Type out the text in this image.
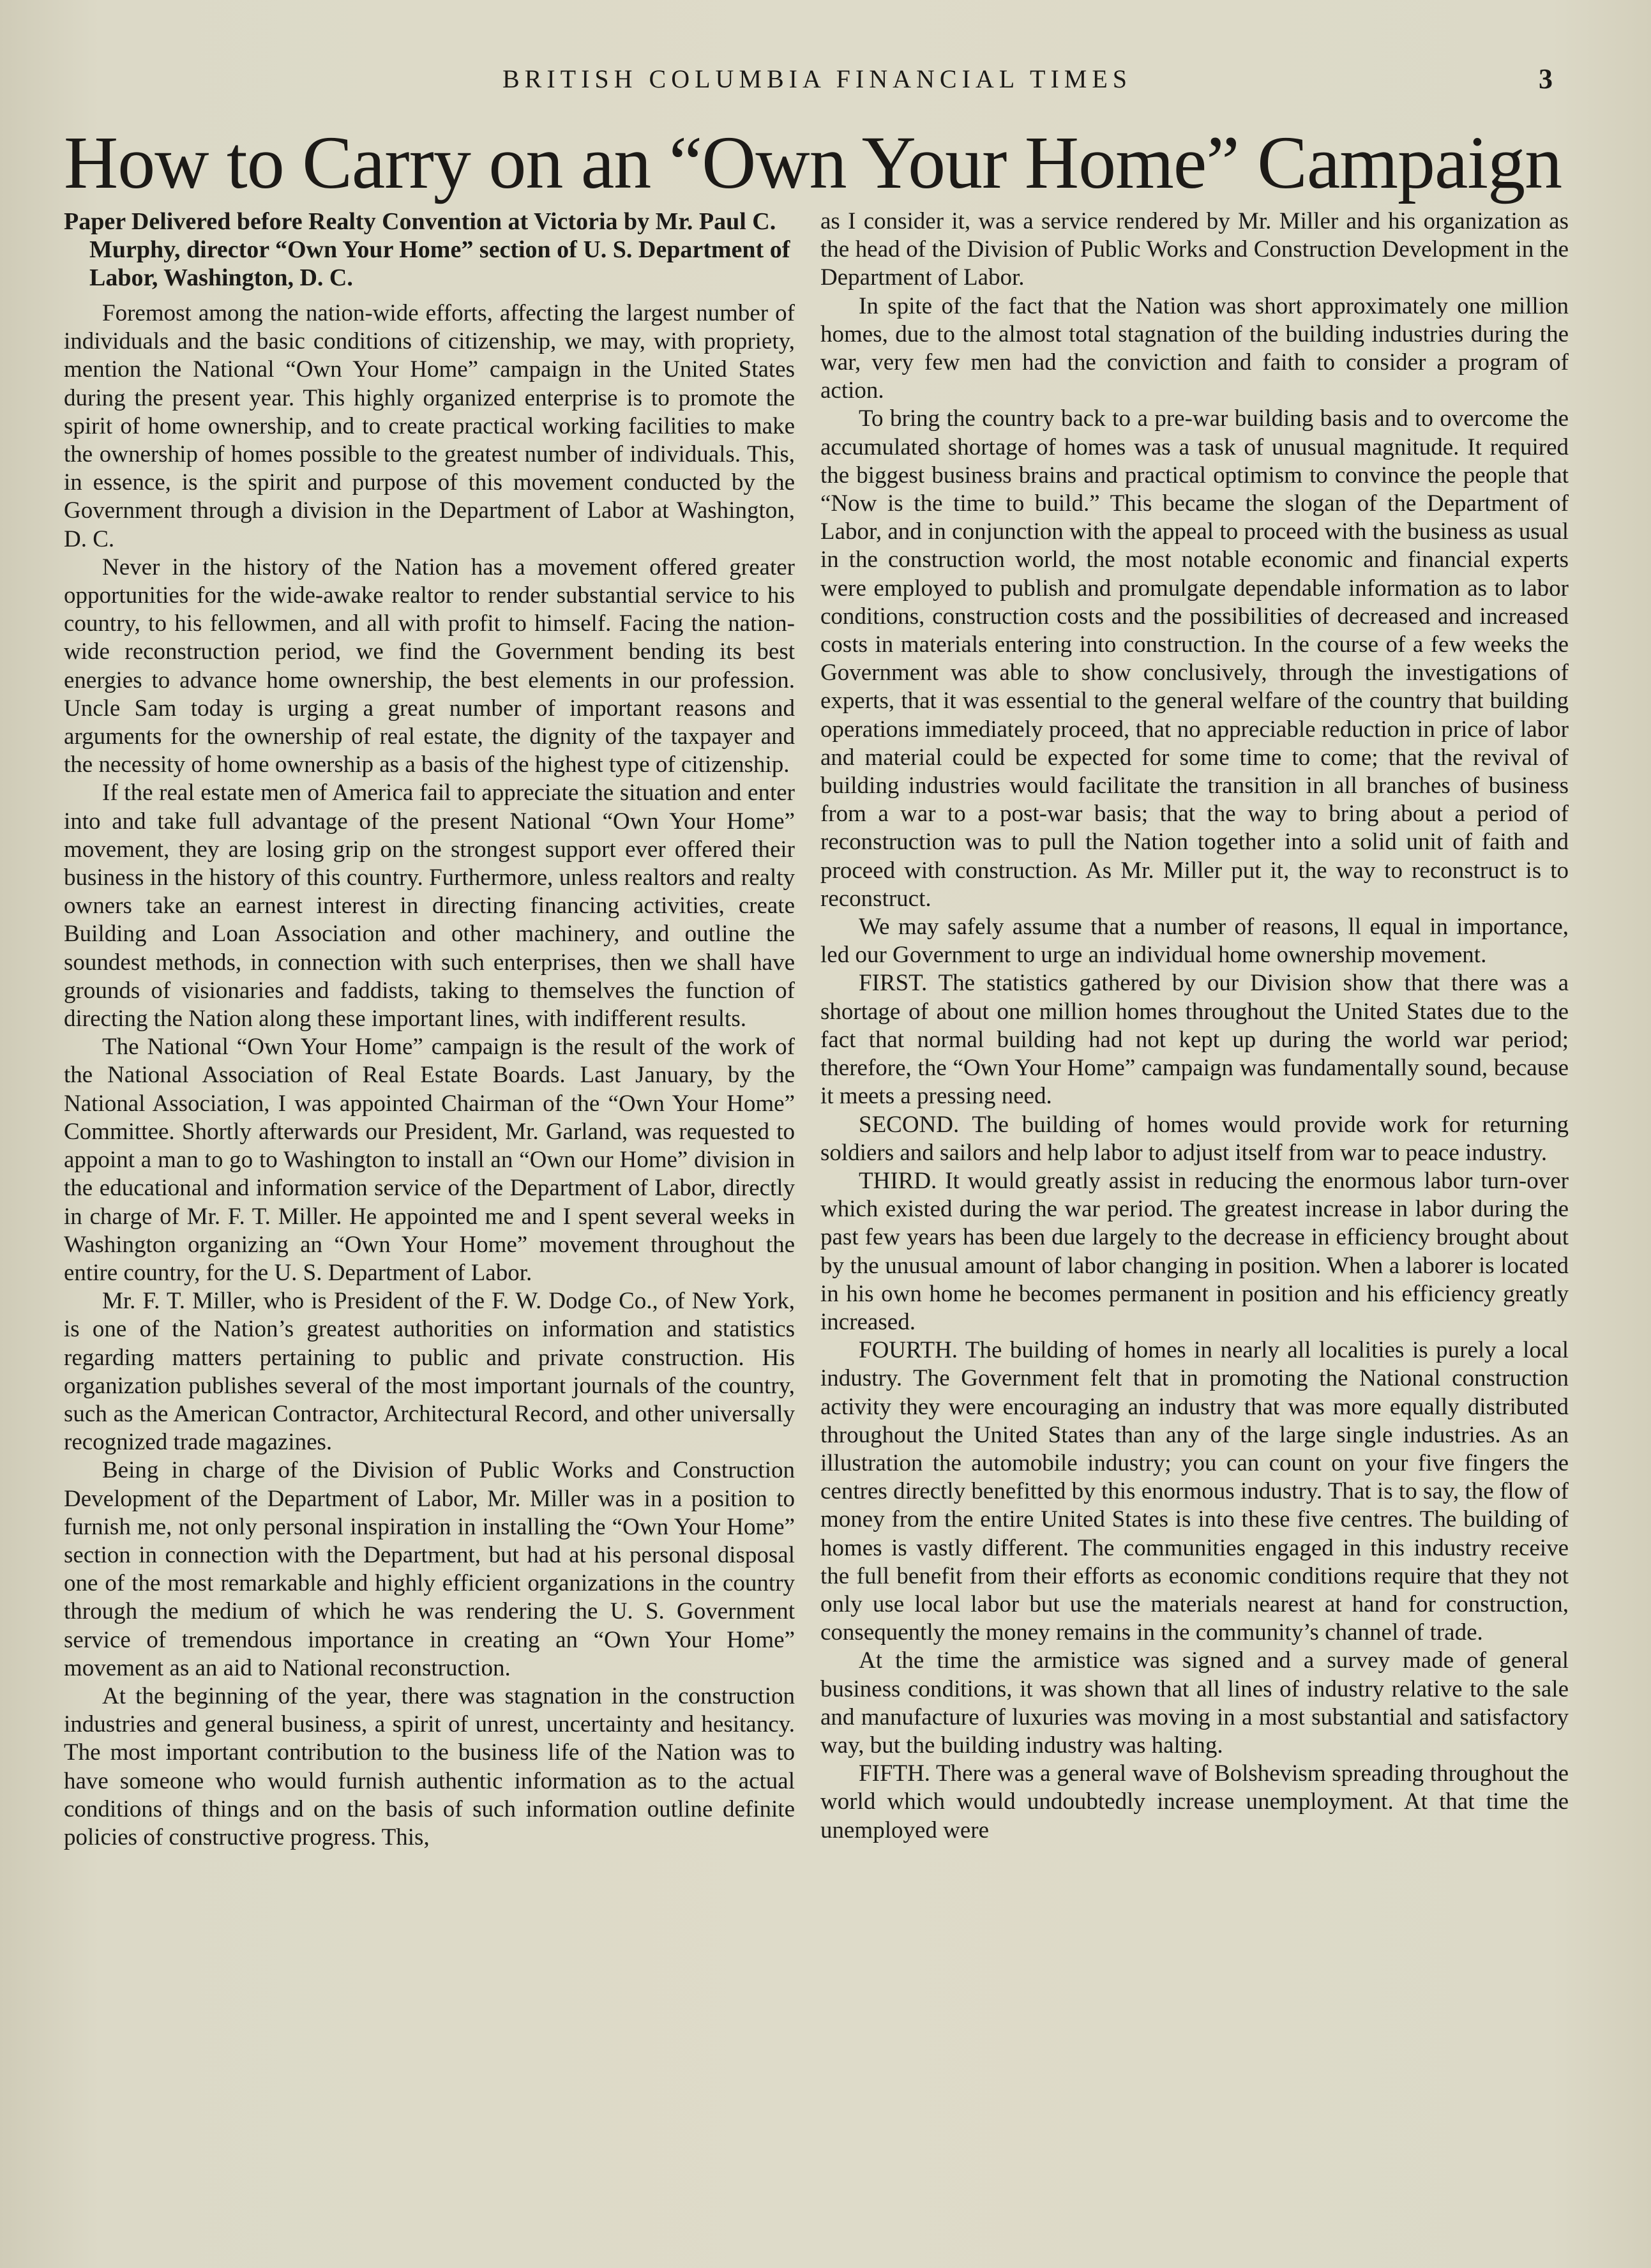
BRITISH COLUMBIA FINANCIAL TIMES	3
How to Carry on an “Own Your Home” Campaign

Paper Delivered before Realty Convention at Victoria by Mr. Paul C. Murphy, director “Own Your Home” section of U. S. Department of Labor, Washington, D. C.

Foremost among the nation-wide efforts, affecting the largest number of individuals and the basic conditions of citizenship, we may, with propriety, mention the National “Own Your Home” campaign in the United States during the present year. This highly organized enterprise is to promote the spirit of home ownership, and to create practical working facilities to make the ownership of homes possible to the greatest number of individuals. This, in essence, is the spirit and purpose of this movement conducted by the Government through a division in the Department of Labor at Washington, D. C.

Never in the history of the Nation has a movement offered greater opportunities for the wide-awake realtor to render substantial service to his country, to his fellowmen, and all with profit to himself. Facing the nation-wide reconstruction period, we find the Government bending its best energies to advance home ownership, the best elements in our profession. Uncle Sam today is urging a great number of important reasons and arguments for the ownership of real estate, the dignity of the taxpayer and the necessity of home ownership as a basis of the highest type of citizenship.

If the real estate men of America fail to appreciate the situation and enter into and take full advantage of the present National “Own Your Home” movement, they are losing grip on the strongest support ever offered their business in the history of this country. Furthermore, unless realtors and realty owners take an earnest interest in directing financing activities, create Building and Loan Association and other machinery, and outline the soundest methods, in connection with such enterprises, then we shall have grounds of visionaries and faddists, taking to themselves the function of directing the Nation along these important lines, with indifferent results.

The National “Own Your Home” campaign is the result of the work of the National Association of Real Estate Boards. Last January, by the National Association, I was appointed Chairman of the “Own Your Home” Committee. Shortly afterwards our President, Mr. Garland, was requested to appoint a man to go to Washington to install an “Own our Home” division in the educational and information service of the Department of Labor, directly in charge of Mr. F. T. Miller. He appointed me and I spent several weeks in Washington organizing an “Own Your Home” movement throughout the entire country, for the U. S. Department of Labor.

Mr. F. T. Miller, who is President of the F. W. Dodge Co., of New York, is one of the Nation’s greatest authorities on information and statistics regarding matters pertaining to public and private construction. His organization publishes several of the most important journals of the country, such as the American Contractor, Architectural Record, and other universally recognized trade magazines.

Being in charge of the Division of Public Works and Construction Development of the Department of Labor, Mr. Miller was in a position to furnish me, not only personal inspiration in installing the “Own Your Home” section in connection with the Department, but had at his personal disposal one of the most remarkable and highly efficient organizations in the country through the medium of which he was rendering the U. S. Government service of tremendous importance in creating an “Own Your Home” movement as an aid to National reconstruction.

At the beginning of the year, there was stagnation in the construction industries and general business, a spirit of unrest, uncertainty and hesitancy. The most important contribution to the business life of the Nation was to have someone who would furnish authentic information as to the actual conditions of things and on the basis of such information outline definite policies of constructive progress. This,

as I consider it, was a service rendered by Mr. Miller and his organization as the head of the Division of Public Works and Construction Development in the Department of Labor.

In spite of the fact that the Nation was short approximately one million homes, due to the almost total stagnation of the building industries during the war, very few men had the conviction and faith to consider a program of action.

To bring the country back to a pre-war building basis and to overcome the accumulated shortage of homes was a task of unusual magnitude. It required the biggest business brains and practical optimism to convince the people that “Now is the time to build.” This became the slogan of the Department of Labor, and in conjunction with the appeal to proceed with the business as usual in the construction world, the most notable economic and financial experts were employed to publish and promulgate dependable information as to labor conditions, construction costs and the possibilities of decreased and increased costs in materials entering into construction. In the course of a few weeks the Government was able to show conclusively, through the investigations of experts, that it was essential to the general welfare of the country that building operations immediately proceed, that no appreciable reduction in price of labor and material could be expected for some time to come; that the revival of building industries would facilitate the transition in all branches of business from a war to a post-war basis; that the way to bring about a period of reconstruction was to pull the Nation together into a solid unit of faith and proceed with construction. As Mr. Miller put it, the way to reconstruct is to reconstruct.

We may safely assume that a number of reasons, ll equal in importance, led our Government to urge an individual home ownership movement.

FIRST. The statistics gathered by our Division show that there was a shortage of about one million homes throughout the United States due to the fact that normal building had not kept up during the world war period; therefore, the “Own Your Home” campaign was fundamentally sound, because it meets a pressing need.

SECOND. The building of homes would provide work for returning soldiers and sailors and help labor to adjust itself from war to peace industry.

THIRD. It would greatly assist in reducing the enormous labor turn-over which existed during the war period. The greatest increase in labor during the past few years has been due largely to the decrease in efficiency brought about by the unusual amount of labor changing in position. When a laborer is located in his own home he becomes permanent in position and his efficiency greatly increased.

FOURTH. The building of homes in nearly all localities is purely a local industry. The Government felt that in promoting the National construction activity they were encouraging an industry that was more equally distributed throughout the United States than any of the large single industries. As an illustration the automobile industry; you can count on your five fingers the centres directly benefitted by this enormous industry. That is to say, the flow of money from the entire United States is into these five centres. The building of homes is vastly different. The communities engaged in this industry receive the full benefit from their efforts as economic conditions require that they not only use local labor but use the materials nearest at hand for construction, consequently the money remains in the community’s channel of trade.

At the time the armistice was signed and a survey made of general business conditions, it was shown that all lines of industry relative to the sale and manufacture of luxuries was moving in a most substantial and satisfactory way, but the building industry was halting.

FIFTH. There was a general wave of Bolshevism spreading throughout the world which would undoubtedly increase unemployment. At that time the unemployed were
